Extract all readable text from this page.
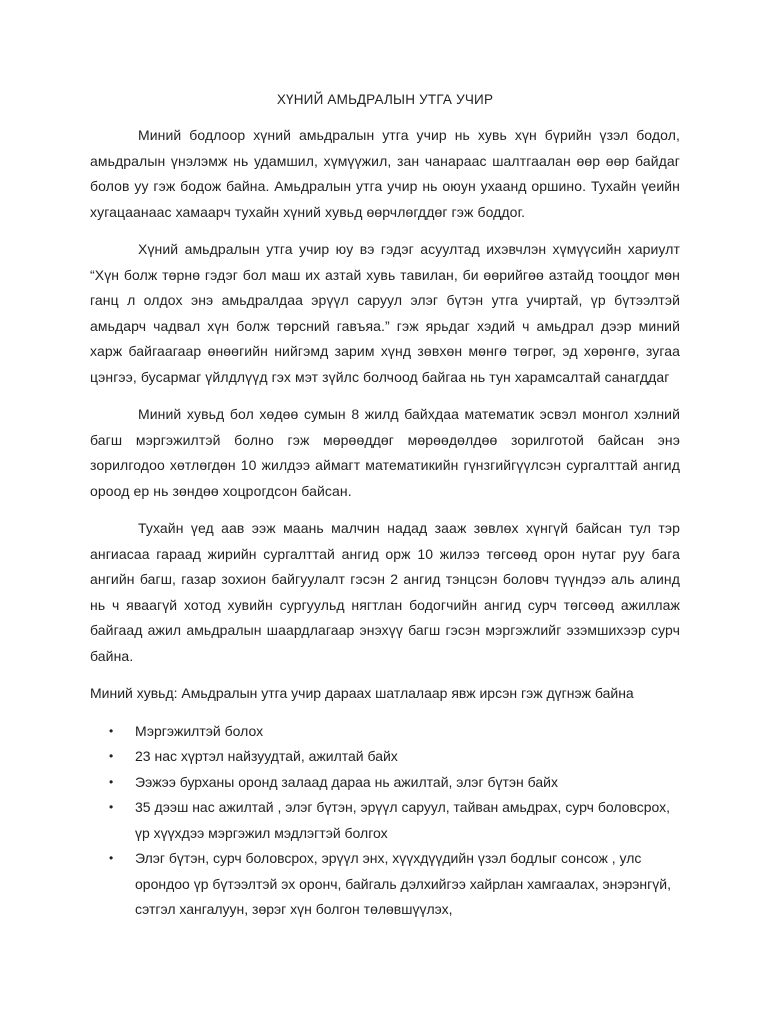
ХҮНИЙ АМЬДРАЛЫН УТГА УЧИР

Миний бодлоор хүний амьдралын утга учир нь хувь хүн бүрийн үзэл бодол, амьдралын үнэлэмж нь удамшил, хүмүүжил, зан чанараас шалтгаалан өөр өөр байдаг болов уу гэж бодож байна. Амьдралын утга учир нь оюун ухаанд оршино. Тухайн үеийн хугацаанаас хамаарч тухайн хүний хувьд өөрчлөгддөг гэж боддог.

Хүний амьдралын утга учир юу вэ гэдэг асуултад ихэвчлэн хүмүүсийн хариулт “Хүн болж төрнө гэдэг бол маш их азтай хувь тавилан, би өөрийгөө азтайд тооцдог мөн ганц л олдох энэ амьдралдаа эрүүл саруул элэг бүтэн утга учиртай, үр бүтээлтэй амьдарч чадвал хүн болж төрсний гавъяа.” гэж ярьдаг хэдий ч амьдрал дээр миний харж байгаагаар өнөөгийн нийгэмд зарим хүнд зөвхөн мөнгө төгрөг, эд хөрөнгө, зугаа цэнгээ, бусармаг үйлдлүүд гэх мэт зүйлс болчоод байгаа нь тун харамсалтай санагддаг

Миний хувьд бол хөдөө сумын 8 жилд байхдаа математик эсвэл монгол хэлний багш мэргэжилтэй болно гэж мөрөөддөг мөрөөдөлдөө зорилготой байсан энэ зорилгодоо хөтлөгдөн 10 жилдээ аймагт математикийн гүнзгийгүүлсэн сургалттай ангид ороод ер нь зөндөө хоцрогдсон байсан.

Тухайн үед аав ээж маань малчин надад зааж зөвлөх хүнгүй байсан тул тэр ангиасаа гараад жирийн сургалттай ангид орж 10 жилээ төгсөөд орон нутаг руу бага ангийн багш, газар зохион байгуулалт гэсэн 2 ангид тэнцсэн боловч түүндээ аль алинд нь ч яваагүй хотод хувийн сургуульд нягтлан бодогчийн ангид сурч төгсөөд ажиллаж байгаад ажил амьдралын шаардлагаар энэхүү багш гэсэн мэргэжлийг эзэмшихээр сурч байна.

Миний хувьд: Амьдралын утга учир дараах шатлалаар явж ирсэн гэж дүгнэж байна

• Мэргэжилтэй болох
• 23 нас хүртэл найзуудтай, ажилтай байх
• Ээжээ бурханы оронд залаад дараа нь ажилтай, элэг бүтэн байх
• 35 дээш нас ажилтай , элэг бүтэн, эрүүл саруул, тайван амьдрах, сурч боловсрох, үр хүүхдээ мэргэжил мэдлэгтэй болгох
• Элэг бүтэн, сурч боловсрох, эрүүл энх, хүүхдүүдийн үзэл бодлыг сонсож , улс орондоо үр бүтээлтэй эх оронч, байгаль дэлхийгээ хайрлан хамгаалах, энэрэнгүй, сэтгэл хангалуун, зөрэг хүн болгон төлөвшүүлэх,
